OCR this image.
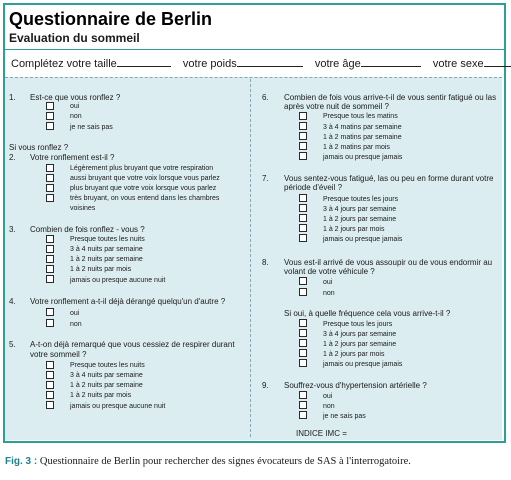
Questionnaire de Berlin
Evaluation du sommeil
Complétez votre taille	votre poids	votre âge	votre sexe
1. Est-ce que vous ronflez ?
oui
non
je ne sais pas
Si vous ronflez ?
2. Votre ronflement est-il ?
Légèrement plus bruyant que votre respiration
aussi bruyant que votre voix lorsque vous parlez
plus bruyant que votre voix lorsque vous parlez
très bruyant, on vous entend dans les chambres
voisines
3. Combien de fois ronflez - vous ?
Presque toutes les nuits
3 à 4 nuits par semaine
1 à 2 nuits par semaine
1 à 2 nuits par mois
jamais ou presque aucune nuit
4. Votre ronflement a-t-il déjà dérangé quelqu'un d'autre ?
oui
non
5. A-t-on déjà remarqué que vous cessiez de respirer durant
votre sommeil ?
Presque toutes les nuits
3 à 4 nuits par semaine
1 à 2 nuits par semaine
1 à 2 nuits par mois
jamais ou presque aucune nuit
6. Combien de fois vous arrive-t-il de vous sentir fatigué ou las
après votre nuit de sommeil ?
Presque tous les matins
3 à 4 matins par semaine
1 à 2 matins par semaine
1 à 2 matins par mois
jamais ou presque jamais
7. Vous sentez-vous fatigué, las ou peu en forme durant votre
période d'éveil ?
Presque toutes les jours
3 à 4 jours par semaine
1 à 2 jours par semaine
1 à 2 jours par mois
jamais ou presque jamais
8. Vous est-il arrivé de vous assoupir ou de vous endormir au
volant de votre véhicule ?
oui
non
Si oui, à quelle fréquence cela vous arrive-t-il ?
Presque tous les jours
3 à 4 jours par semaine
1 à 2 jours par semaine
1 à 2 jours par mois
jamais ou presque jamais
9. Souffrez-vous d'hypertension artérielle ?
oui
non
je ne sais pas
INDICE IMC =
Fig. 3 : Questionnaire de Berlin pour rechercher des signes évocateurs de SAS à l'interrogatoire.
